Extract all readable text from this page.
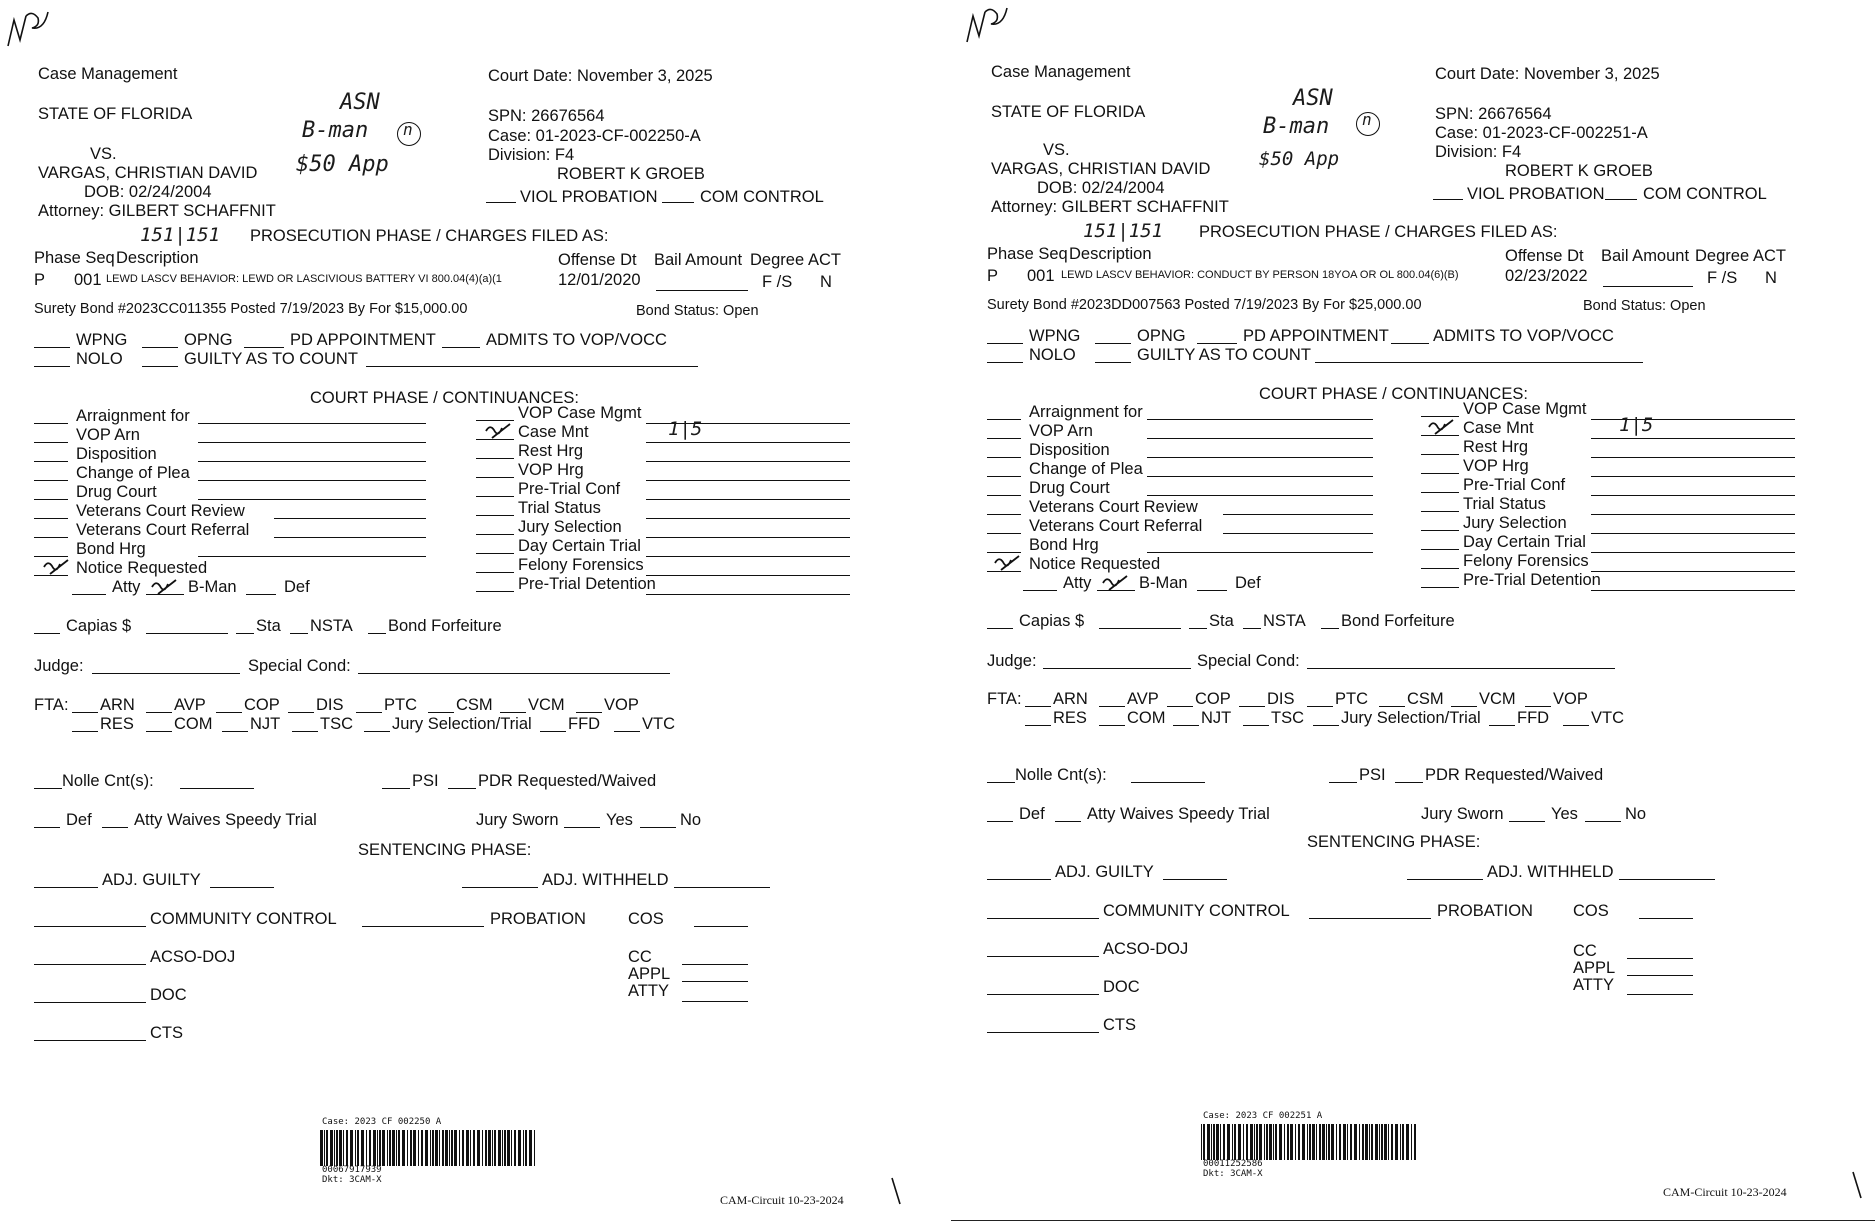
Case Management	Court Date: November 3, 2025
STATE OF FLORIDA
VS.
VARGAS, CHRISTIAN DAVID
DOB: 02/24/2004
Attorney: GILBERT SCHAFFNIT
ASN
B-man n
$50 App
SPN: 26676564
Case: 01-2023-CF-002250-A
Division: F4
ROBERT K GROEB
VIOL PROBATION	COM CONTROL
151|151 PROSECUTION PHASE / CHARGES FILED AS:
Phase Seq Description	Offense Dt Bail Amount Degree ACT
P 001 LEWD LASCV BEHAVIOR: LEWD OR LASCIVIOUS BATTERY VI 800.04(4)(a)(1	12/01/2020	F /S N
Surety Bond #2023CC011355 Posted 7/19/2023 By For $15,000.00	Bond Status: Open
WPNG	OPNG	PD APPOINTMENT	ADMITS TO VOP/VOCC
NOLO	GUILTY AS TO COUNT
COURT PHASE / CONTINUANCES:
Arraignment for
VOP Arn
Disposition
Change of Plea
Drug Court
Veterans Court Review
Veterans Court Referral
Bond Hrg
Notice Requested
Atty	B-Man	Def
VOP Case Mgmt
Case Mnt	1|5
Rest Hrg
VOP Hrg
Pre-Trial Conf
Trial Status
Jury Selection
Day Certain Trial
Felony Forensics
Pre-Trial Detention
Capias $	Sta NSTA Bond Forfeiture
Judge:	Special Cond:
FTA: ARN AVP COP DIS PTC CSM VCM VOP
RES COM NJT TSC Jury Selection/Trial FFD	VTC
Nolle Cnt(s):	PSI PDR Requested/Waived
Def	Atty Waives Speedy Trial	Jury Sworn	Yes	No
SENTENCING PHASE:
ADJ. GUILTY	ADJ. WITHHELD
COMMUNITY CONTROL	PROBATION	COS
ACSO-DOJ	CC
APPL
ATTY
DOC
CTS
Case: 2023 CF 002250 A
00067917939
Dkt: 3CAM-X
CAM-Circuit 10-23-2024
Case Management	Court Date: November 3, 2025
STATE OF FLORIDA
VS.
VARGAS, CHRISTIAN DAVID
DOB: 02/24/2004
Attorney: GILBERT SCHAFFNIT
ASN
B-man n
$50 App
SPN: 26676564
Case: 01-2023-CF-002251-A
Division: F4
ROBERT K GROEB
VIOL PROBATION COM CONTROL
151|151 PROSECUTION PHASE / CHARGES FILED AS:
Phase Seq Description	Offense Dt Bail Amount Degree ACT
P 001 LEWD LASCV BEHAVIOR: CONDUCT BY PERSON 18YOA OR OL 800.04(6)(B)	02/23/2022	F /S N
Surety Bond #2023DD007563 Posted 7/19/2023 By For $25,000.00	Bond Status: Open
WPNG	OPNG	PD APPOINTMENT	ADMITS TO VOP/VOCC
NOLO	GUILTY AS TO COUNT
COURT PHASE / CONTINUANCES:
Arraignment for
VOP Arn
Disposition
Change of Plea
Drug Court
Veterans Court Review
Veterans Court Referral
Bond Hrg
Notice Requested
Atty	B-Man	Def
VOP Case Mgmt
Case Mnt	1|5
Rest Hrg
VOP Hrg
Pre-Trial Conf
Trial Status
Jury Selection
Day Certain Trial
Felony Forensics
Pre-Trial Detention
Capias $	Sta NSTA Bond Forfeiture
Judge:	Special Cond:
FTA: ARN AVP COP DIS PTC CSM VCM VOP
RES COM NJT TSC Jury Selection/Trial FFD	VTC
Nolle Cnt(s):	PSI PDR Requested/Waived
Def	Atty Waives Speedy Trial	Jury Sworn	Yes	No
SENTENCING PHASE:
ADJ. GUILTY	ADJ. WITHHELD
COMMUNITY CONTROL	PROBATION COS
ACSO-DOJ	CC
APPL
ATTY
DOC
CTS
Case: 2023 CF 002251 A
00011252586
Dkt: 3CAM-X
CAM-Circuit 10-23-2024
